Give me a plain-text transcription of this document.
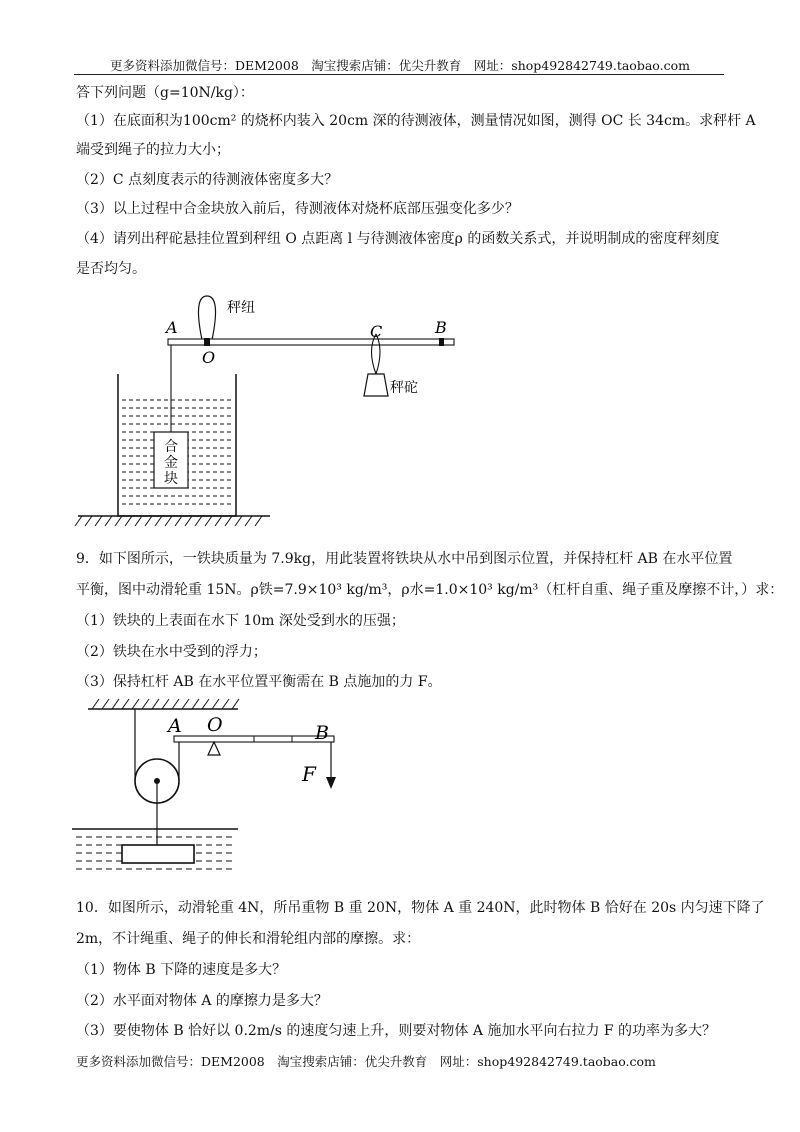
更多资料添加微信号：DEM2008　淘宝搜索店铺：优尖升教育　网址：shop492842749.taobao.com
答下列问题（g=10N/kg）：
（1）在底面积为100cm² 的烧杯内装入 20cm 深的待测液体，测量情况如图，测得 OC 长 34cm。求秤杆 A
端受到绳子的拉力大小；
（2）C 点刻度表示的待测液体密度多大？
（3）以上过程中合金块放入前后，待测液体对烧杯底部压强变化多少？
（4）请列出秤砣悬挂位置到秤纽 O 点距离 l 与待测液体密度ρ 的函数关系式，并说明制成的密度秤刻度
是否均匀。
秤纽
A
O
C	B
秤砣
合
金
块
9．如下图所示，一铁块质量为 7.9kg，用此装置将铁块从水中吊到图示位置，并保持杠杆 AB 在水平位置
平衡，图中动滑轮重 15N。ρ铁=7.9×10³ kg/m³，ρ水=1.0×10³ kg/m³（杠杆自重、绳子重及摩擦不计，）求：
（1）铁块的上表面在水下 10m 深处受到水的压强；
（2）铁块在水中受到的浮力；
（3）保持杠杆 AB 在水平位置平衡需在 B 点施加的力 F。
A O	B
F
10．如图所示，动滑轮重 4N，所吊重物 B 重 20N，物体 A 重 240N，此时物体 B 恰好在 20s 内匀速下降了
2m，不计绳重、绳子的伸长和滑轮组内部的摩擦。求：
（1）物体 B 下降的速度是多大？
（2）水平面对物体 A 的摩擦力是多大？
（3）要使物体 B 恰好以 0.2m/s 的速度匀速上升，则要对物体 A 施加水平向右拉力 F 的功率为多大？
更多资料添加微信号：DEM2008　淘宝搜索店铺：优尖升教育　网址：shop492842749.taobao.com
